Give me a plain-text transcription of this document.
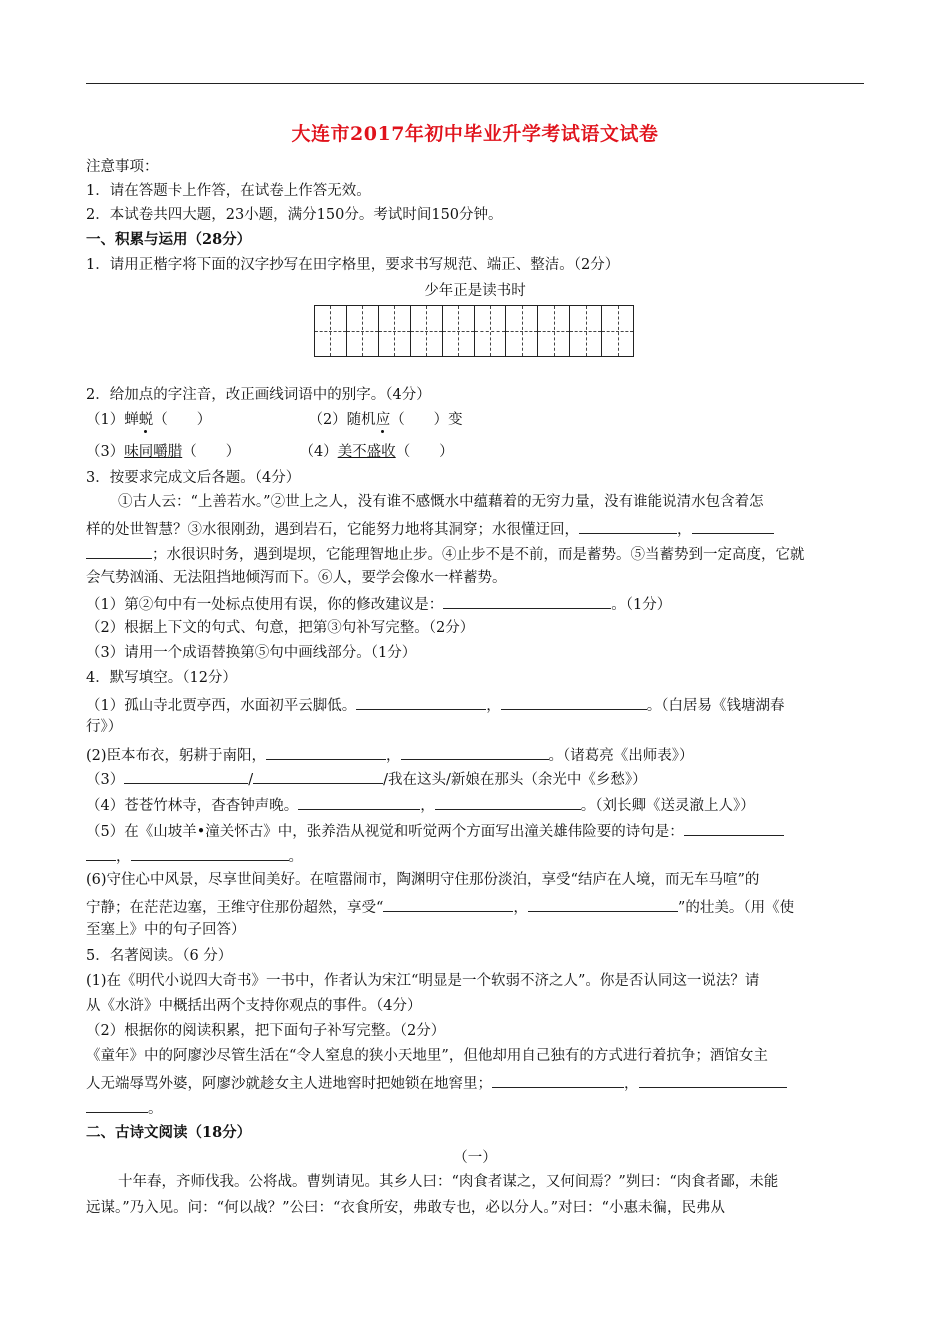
大连市2017年初中毕业升学考试语文试卷
注意事项：
1．请在答题卡上作答，在试卷上作答无效。
2．本试卷共四大题，23小题，满分150分。考试时间150分钟。
一、积累与运用（28分）
1．请用正楷字将下面的汉字抄写在田字格里，要求书写规范、端正、整洁。（2分）
少年正是读书时
2．给加点的字注音，改正画线词语中的别字。（4分）
（1）蝉蜕（　　）	（2）随机应（　　）变
（3）味同嚼腊（　　）	（4）美不盛收（　　）
3．按要求完成文后各题。（4分）
①古人云：“上善若水。”②世上之人，没有谁不感慨水中蕴藉着的无穷力量，没有谁能说清水包含着怎
样的处世智慧？③水很刚劲，遇到岩石，它能努力地将其洞穿；水很懂迂回，	，
；水很识时务，遇到堤坝，它能理智地止步。④止步不是不前，而是蓄势。⑤当蓄势到一定高度，它就
会气势汹涌、无法阻挡地倾泻而下。⑥人，要学会像水一样蓄势。
（1）第②句中有一处标点使用有误，你的修改建议是：	。（1分）
（2）根据上下文的句式、句意，把第③句补写完整。（2分）
（3）请用一个成语替换第⑤句中画线部分。（1分）
4．默写填空。（12分）
（1）孤山寺北贾亭西，水面初平云脚低。	，	。（白居易《钱塘湖春
行》）
(2)臣本布衣，躬耕于南阳，	，	。（诸葛亮《出师表》）
（3）	/	/我在这头/新娘在那头（余光中《乡愁》）
（4）苍苍竹林寺，杳杳钟声晚。	，	。（刘长卿《送灵澈上人》）
（5）在《山坡羊•潼关怀古》中，张养浩从视觉和听觉两个方面写出潼关雄伟险要的诗句是：
，	。
(6)守住心中风景，尽享世间美好。在喧嚣闹市，陶渊明守住那份淡泊，享受“结庐在人境，而无车马喧”的
宁静；在茫茫边塞，王维守住那份超然，享受“	，	”的壮美。（用《使
至塞上》中的句子回答）
5．名著阅读。（6 分）
(1)在《明代小说四大奇书》一书中，作者认为宋江“明显是一个软弱不济之人”。你是否认同这一说法？请
从《水浒》中概括出两个支持你观点的事件。（4分）
（2）根据你的阅读积累，把下面句子补写完整。（2分）
《童年》中的阿廖沙尽管生活在“令人窒息的狭小天地里”，但他却用自己独有的方式进行着抗争；酒馆女主
人无端辱骂外婆，阿廖沙就趁女主人进地窖时把她锁在地窖里；	，
。
二、古诗文阅读（18分）
（一）
十年春，齐师伐我。公将战。曹刿请见。其乡人曰：“肉食者谋之，又何间焉？”刿曰：“肉食者鄙，未能
远谋。”乃入见。问：“何以战？”公曰：“衣食所安，弗敢专也，必以分人。”对曰：“小惠未徧，民弗从
